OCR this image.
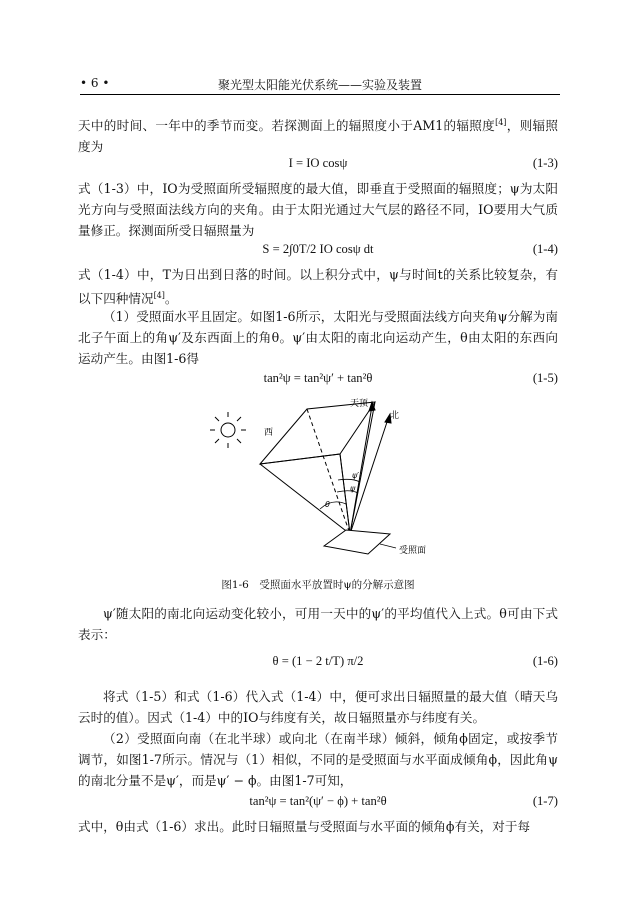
• 6 •	聚光型太阳能光伏系统——实验及装置
天中的时间、一年中的季节而变。若探测面上的辐照度小于AM1的辐照度[4]，则辐照度为
I = IO cosψ	(1-3)
式（1-3）中，IO为受照面所受辐照度的最大值，即垂直于受照面的辐照度；ψ为太阳光方向与受照面法线方向的夹角。由于太阳光通过大气层的路径不同，IO要用大气质量修正。探测面所受日辐照量为
S = 2∫0T/2 IO cosψ dt	(1-4)
式（1-4）中，T为日出到日落的时间。以上积分式中，ψ与时间t的关系比较复杂，有以下四种情况[4]。
（1）受照面水平且固定。如图1-6所示，太阳光与受照面法线方向夹角ψ分解为南北子午面上的角ψ′及东西面上的角θ。ψ′由太阳的南北向运动产生，θ由太阳的东西向运动产生。由图1-6得
tan²ψ = tan²ψ′ + tan²θ	(1-5)
天顶
北
西
受照面
ψ′
ψ
θ
图1-6　受照面水平放置时ψ的分解示意图
ψ′随太阳的南北向运动变化较小，可用一天中的ψ′的平均值代入上式。θ可由下式表示：
θ = (1 − 2 t/T) π/2	(1-6)
将式（1-5）和式（1-6）代入式（1-4）中，便可求出日辐照量的最大值（晴天乌云时的值）。因式（1-4）中的IO与纬度有关，故日辐照量亦与纬度有关。
（2）受照面向南（在北半球）或向北（在南半球）倾斜，倾角ϕ固定，或按季节调节，如图1-7所示。情况与（1）相似，不同的是受照面与水平面成倾角ϕ，因此角ψ的南北分量不是ψ′，而是ψ′ − ϕ。由图1-7可知，
tan²ψ = tan²(ψ′ − ϕ) + tan²θ	(1-7)
式中，θ由式（1-6）求出。此时日辐照量与受照面与水平面的倾角ϕ有关，对于每
